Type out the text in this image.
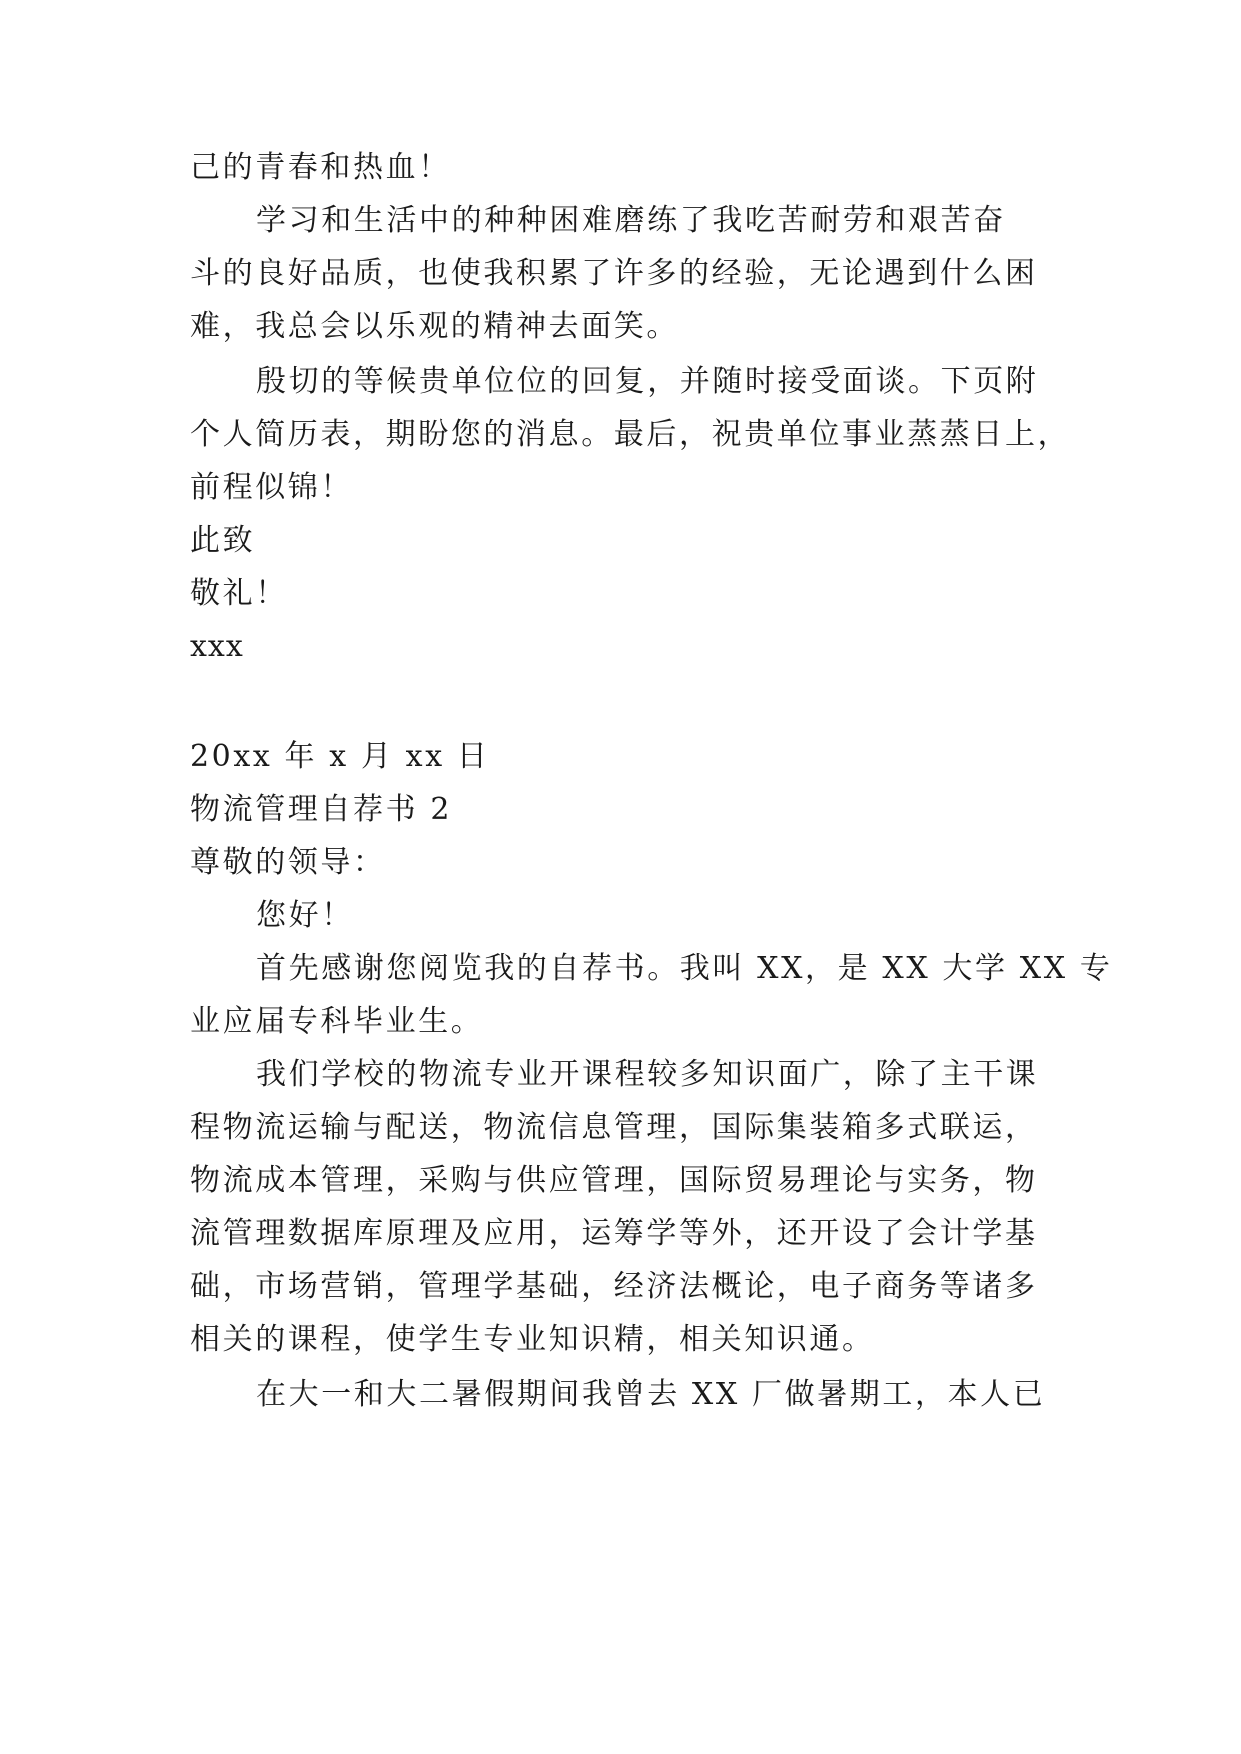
己的青春和热血！
学习和生活中的种种困难磨练了我吃苦耐劳和艰苦奋
斗的良好品质，也使我积累了许多的经验，无论遇到什么困
难，我总会以乐观的精神去面笑。
殷切的等候贵单位位的回复，并随时接受面谈。下页附
个人简历表，期盼您的消息。最后，祝贵单位事业蒸蒸日上，
前程似锦！
此致
敬礼！
xxx
20xx 年 x 月 xx 日
物流管理自荐书 2
尊敬的领导：
您好！
首先感谢您阅览我的自荐书。我叫 XX，是 XX 大学 XX 专
业应届专科毕业生。
我们学校的物流专业开课程较多知识面广，除了主干课
程物流运输与配送，物流信息管理，国际集装箱多式联运，
物流成本管理，采购与供应管理，国际贸易理论与实务，物
流管理数据库原理及应用，运筹学等外，还开设了会计学基
础，市场营销，管理学基础，经济法概论，电子商务等诸多
相关的课程，使学生专业知识精，相关知识通。
在大一和大二暑假期间我曾去 XX 厂做暑期工，本人已
